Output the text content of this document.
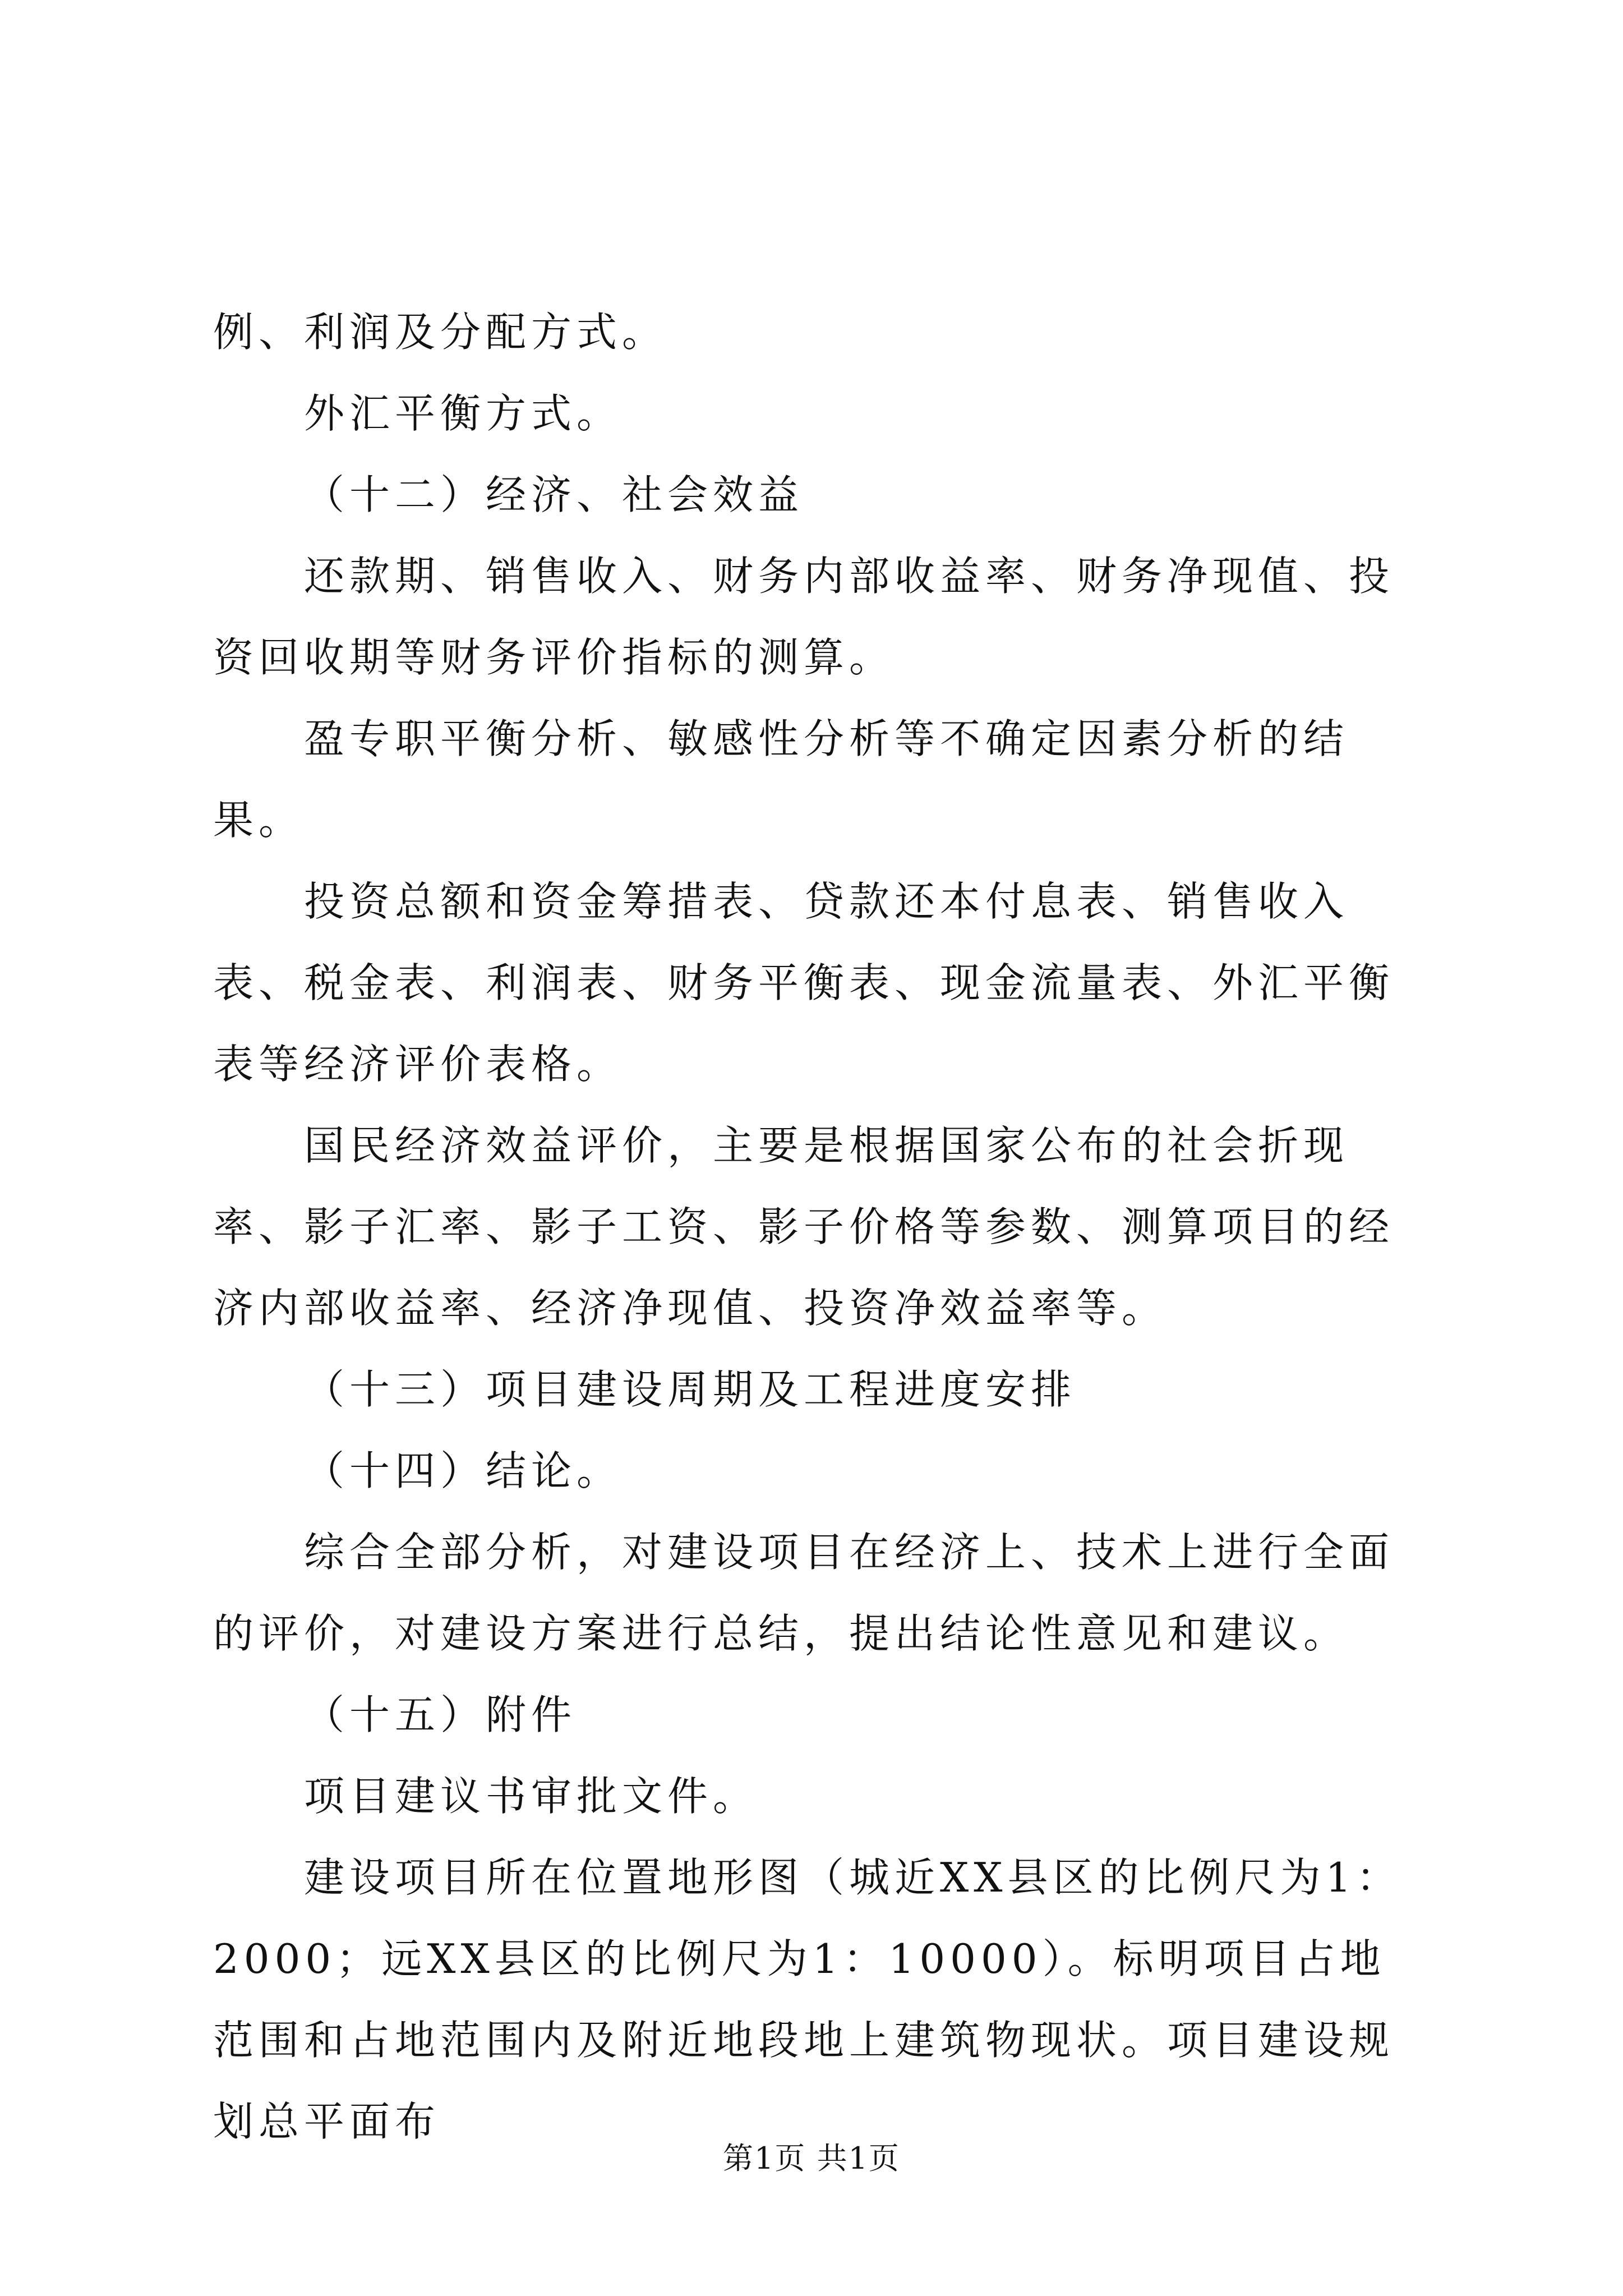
例、利润及分配方式。

外汇平衡方式。

（十二）经济、社会效益

还款期、销售收入、财务内部收益率、财务净现值、投资回收期等财务评价指标的测算。

盈专职平衡分析、敏感性分析等不确定因素分析的结果。

投资总额和资金筹措表、贷款还本付息表、销售收入表、税金表、利润表、财务平衡表、现金流量表、外汇平衡表等经济评价表格。

国民经济效益评价，主要是根据国家公布的社会折现率、影子汇率、影子工资、影子价格等参数、测算项目的经济内部收益率、经济净现值、投资净效益率等。

（十三）项目建设周期及工程进度安排

（十四）结论。

综合全部分析，对建设项目在经济上、技术上进行全面的评价，对建设方案进行总结，提出结论性意见和建议。

（十五）附件

项目建议书审批文件。

建设项目所在位置地形图（城近XX县区的比例尺为1：2000；远XX县区的比例尺为1：10000）。标明项目占地范围和占地范围内及附近地段地上建筑物现状。项目建设规划总平面布

第1页 共1页
